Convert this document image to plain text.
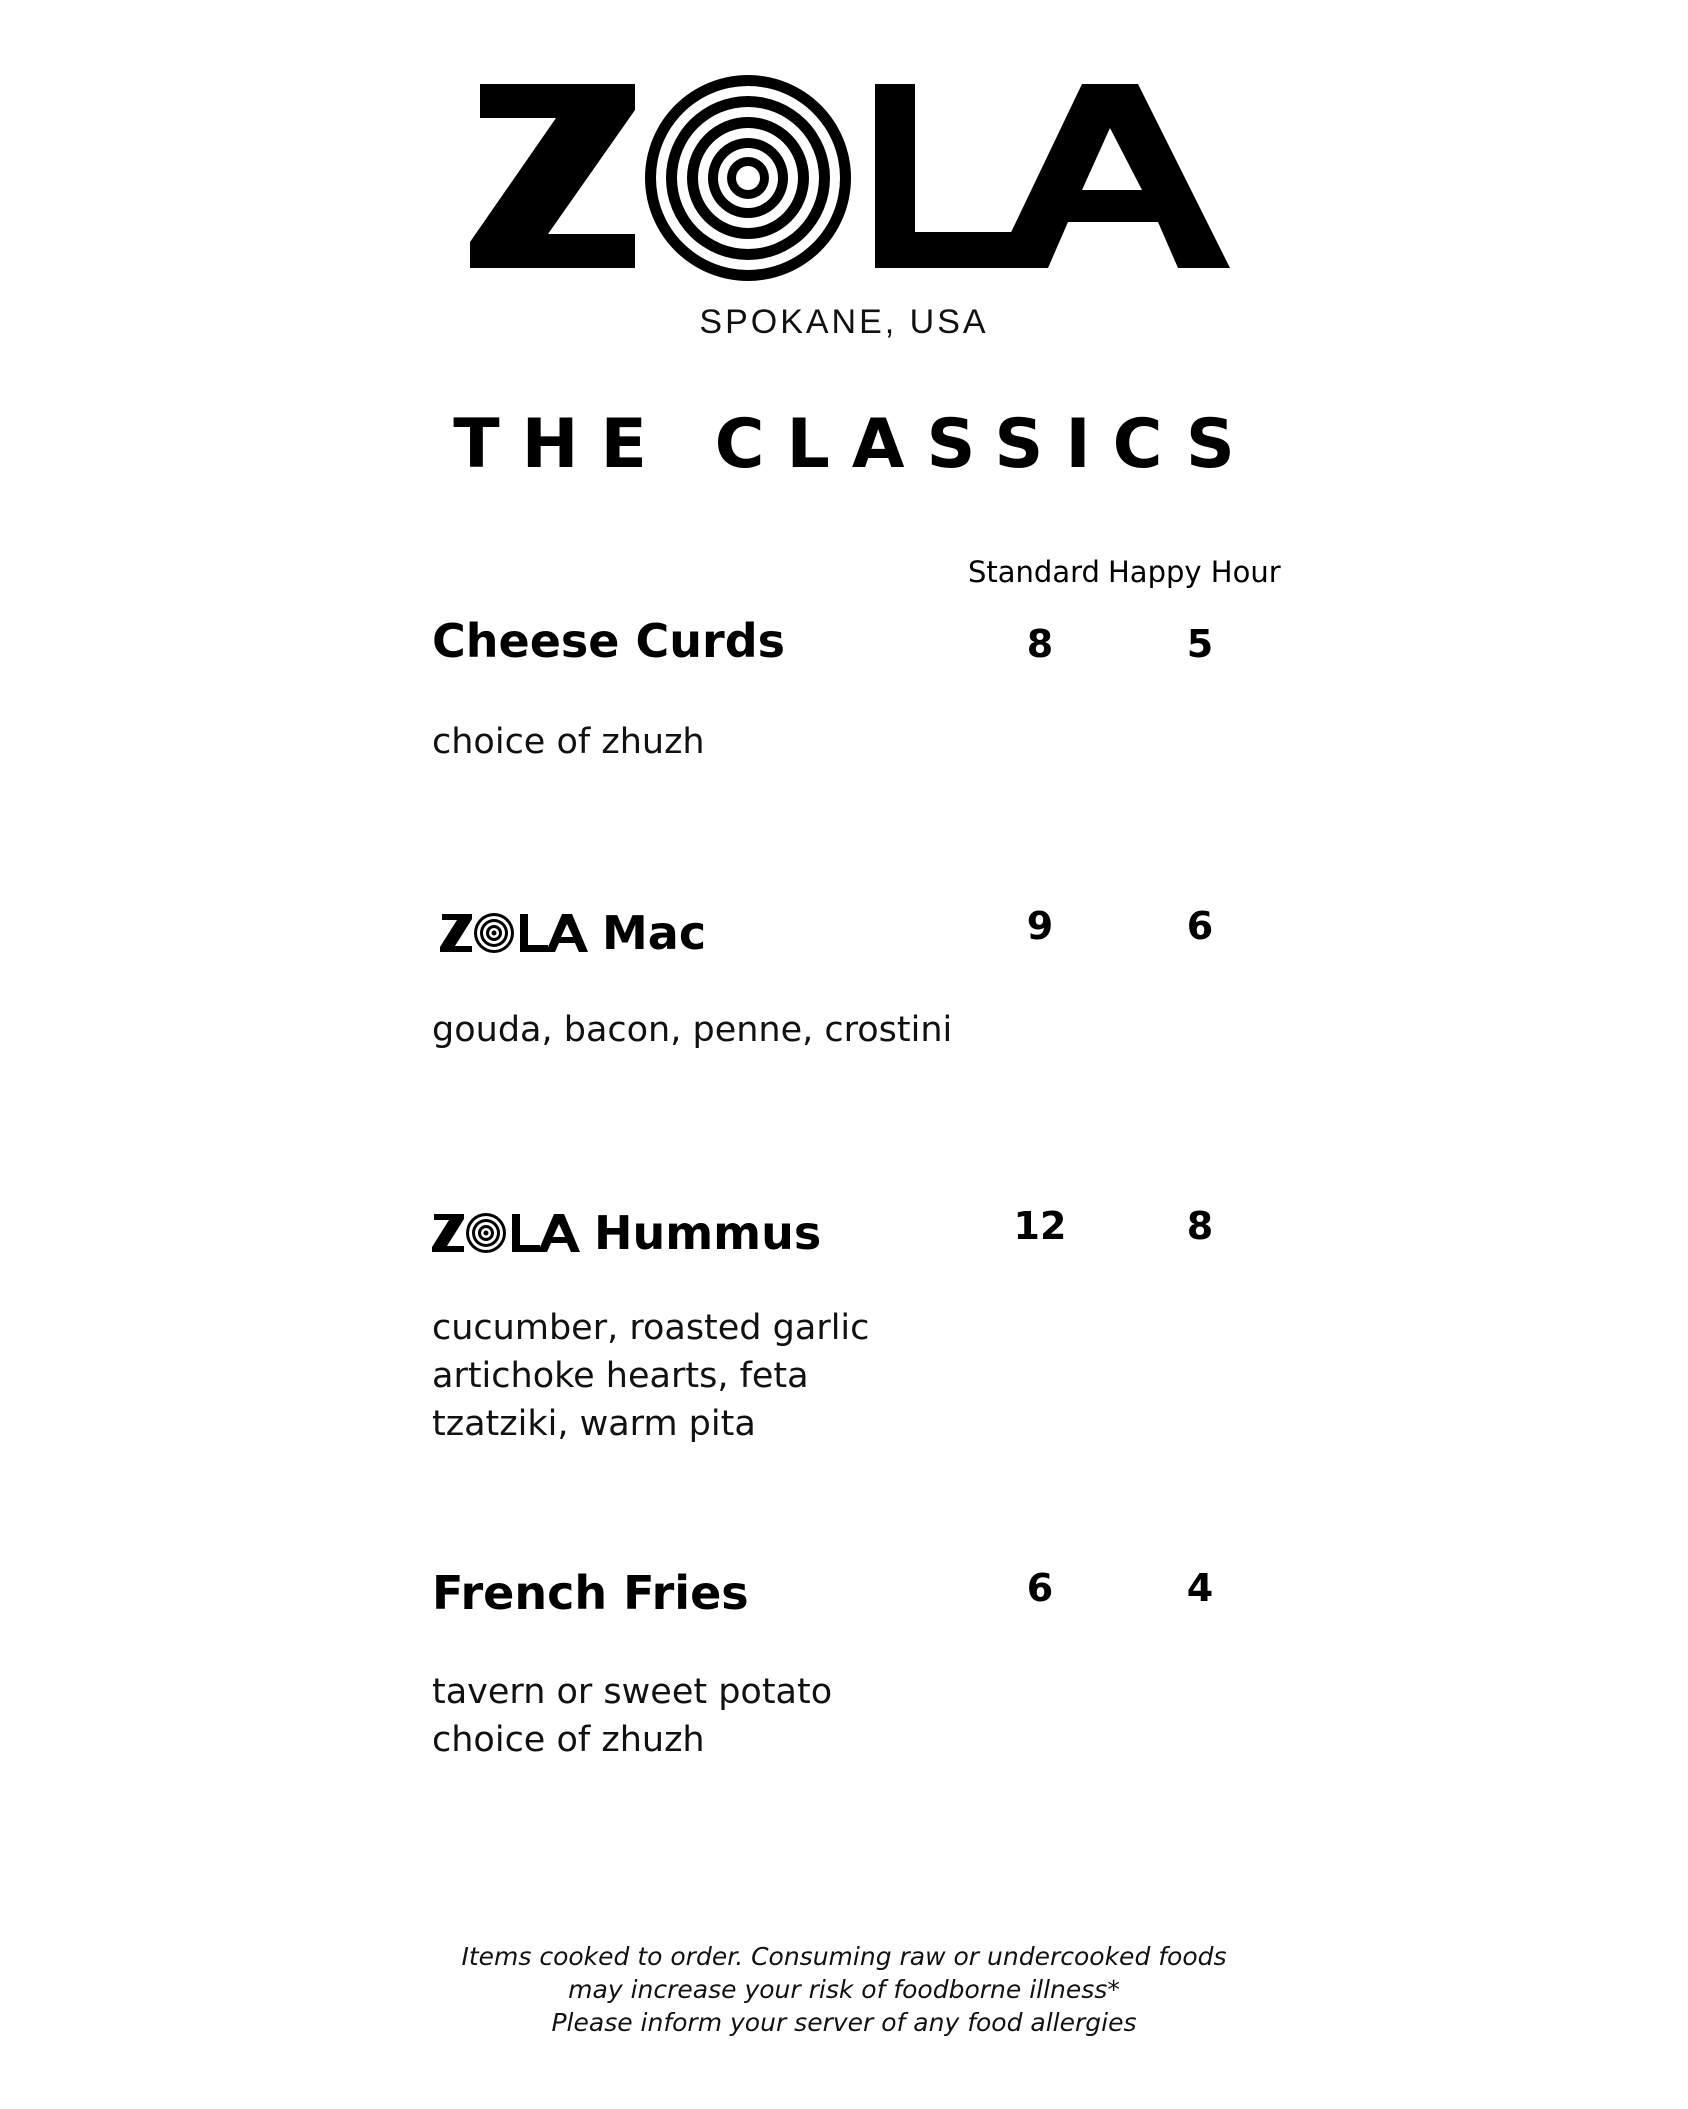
SPOKANE, USA
THE CLASSICS
Standard Happy Hour
Cheese Curds	8	5
choice of zhuzh
Mac	9	6
gouda, bacon, penne, crostini
Hummus	12	8
cucumber, roasted garlic
artichoke hearts, feta
tzatziki, warm pita
French Fries	6	4
tavern or sweet potato
choice of zhuzh
Items cooked to order. Consuming raw or undercooked foods
may increase your risk of foodborne illness*
Please inform your server of any food allergies
